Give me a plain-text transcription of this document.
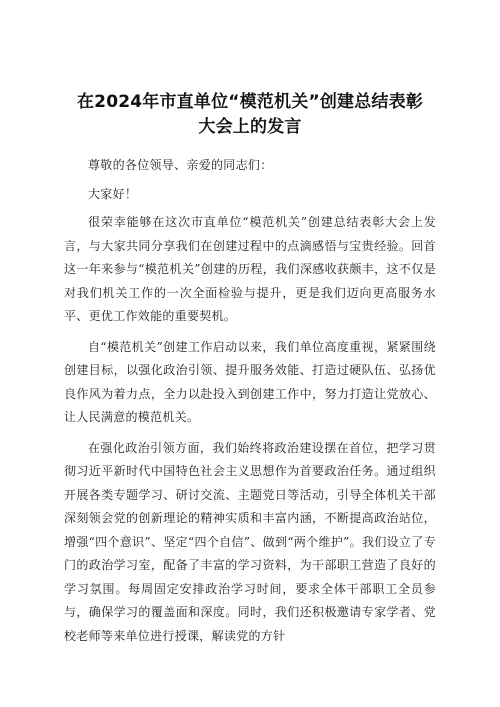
在2024年市直单位“模范机关”创建总结表彰
大会上的发言

尊敬的各位领导、亲爱的同志们：

大家好！

很荣幸能够在这次市直单位“模范机关”创建总结表彰大会上发言，与大家共同分享我们在创建过程中的点滴感悟与宝贵经验。回首这一年来参与“模范机关”创建的历程，我们深感收获颇丰，这不仅是对我们机关工作的一次全面检验与提升，更是我们迈向更高服务水平、更优工作效能的重要契机。

自“模范机关”创建工作启动以来，我们单位高度重视，紧紧围绕创建目标，以强化政治引领、提升服务效能、打造过硬队伍、弘扬优良作风为着力点，全力以赴投入到创建工作中，努力打造让党放心、让人民满意的模范机关。

在强化政治引领方面，我们始终将政治建设摆在首位，把学习贯彻习近平新时代中国特色社会主义思想作为首要政治任务。通过组织开展各类专题学习、研讨交流、主题党日等活动，引导全体机关干部深刻领会党的创新理论的精神实质和丰富内涵，不断提高政治站位，增强“四个意识”、坚定“四个自信”、做到“两个维护”。我们设立了专门的政治学习室，配备了丰富的学习资料，为干部职工营造了良好的学习氛围。每周固定安排政治学习时间，要求全体干部职工全员参与，确保学习的覆盖面和深度。同时，我们还积极邀请专家学者、党校老师等来单位进行授课，解读党的方针
